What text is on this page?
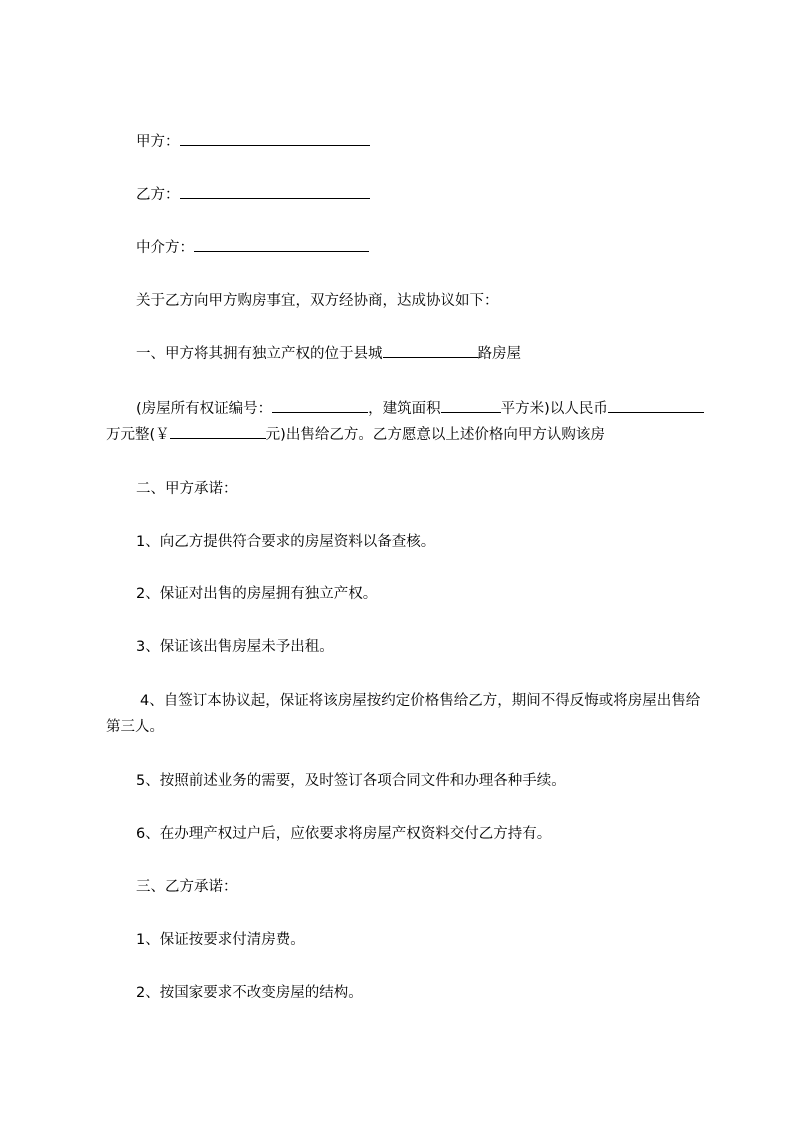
甲方：
乙方：
中介方：
关于乙方向甲方购房事宜，双方经协商，达成协议如下：
一、甲方将其拥有独立产权的位于县城	路房屋
(房屋所有权证编号：	，建筑面积	平方米)以人民币万元整(￥	元)出售给乙方。乙方愿意以上述价格向甲方认购该房
二、甲方承诺：
1、向乙方提供符合要求的房屋资料以备查核。
2、保证对出售的房屋拥有独立产权。
3、保证该出售房屋未予出租。
4、自签订本协议起，保证将该房屋按约定价格售给乙方，期间不得反悔或将房屋出售给第三人。
5、按照前述业务的需要，及时签订各项合同文件和办理各种手续。
6、在办理产权过户后，应依要求将房屋产权资料交付乙方持有。
三、乙方承诺：
1、保证按要求付清房费。
2、按国家要求不改变房屋的结构。
